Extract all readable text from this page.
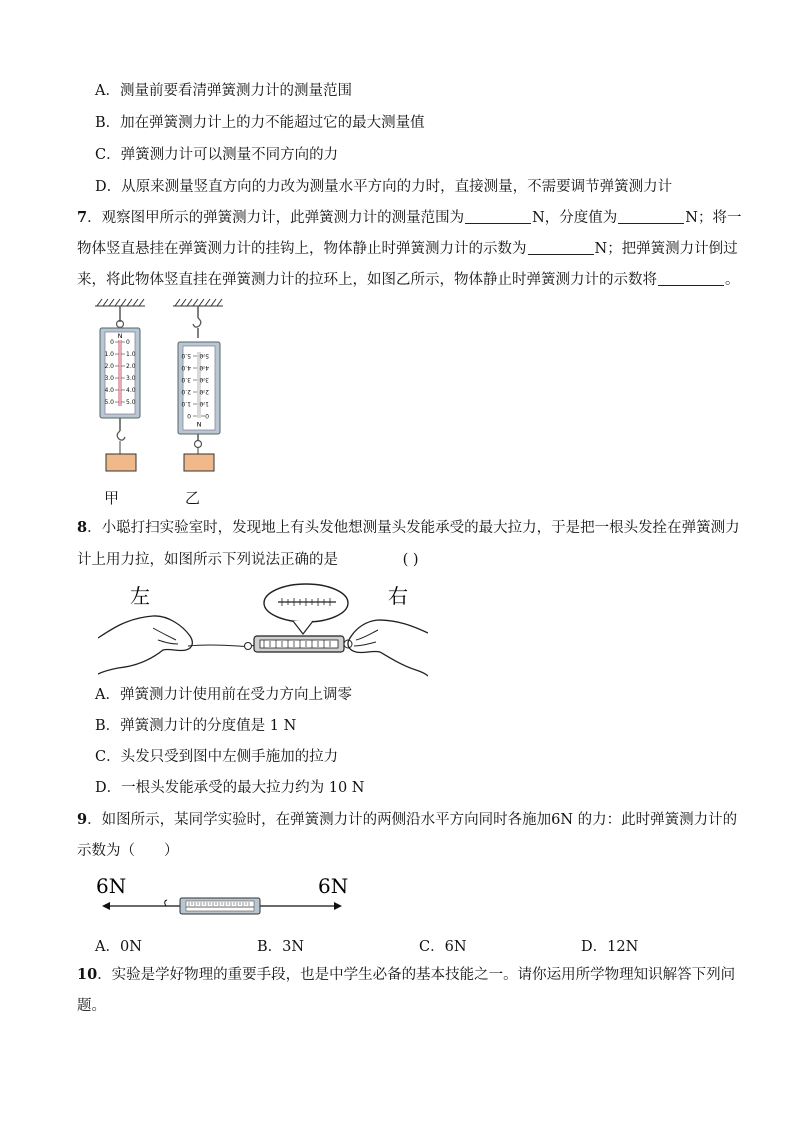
A．测量前要看清弹簧测力计的测量范围
B．加在弹簧测力计上的力不能超过它的最大测量值
C．弹簧测力计可以测量不同方向的力
D．从原来测量竖直方向的力改为测量水平方向的力时，直接测量，不需要调节弹簧测力计
7．观察图甲所示的弹簧测力计，此弹簧测力计的测量范围为	N，分度值为	N；将一
物体竖直悬挂在弹簧测力计的挂钩上，物体静止时弹簧测力计的示数为	N；把弹簧测力计倒过
来，将此物体竖直挂在弹簧测力计的拉环上，如图乙所示，物体静止时弹簧测力计的示数将	。
N
0
1.0
2.0
3.0
4.0
5.0
0
1.0
2.0
3.0
4.0
5.0
5.0
4.0
3.0
2.0
1.0
0
5.0
4.0
3.0
2.0
1.0
0
N
甲	乙
8．小聪打扫实验室时，发现地上有头发他想测量头发能承受的最大拉力，于是把一根头发拴在弹簧测力
计上用力拉，如图所示下列说法正确的是	( )
左	右
A．弹簧测力计使用前在受力方向上调零
B．弹簧测力计的分度值是 1 N
C．头发只受到图中左侧手施加的拉力
D．一根头发能承受的最大拉力约为 10 N
9．如图所示，某同学实验时，在弹簧测力计的两侧沿水平方向同时各施加6N 的力：此时弹簧测力计的
示数为（　　）
6N	6N
A．0N	B．3N	C．6N	D．12N
10．实验是学好物理的重要手段，也是中学生必备的基本技能之一。请你运用所学物理知识解答下列问
题。
